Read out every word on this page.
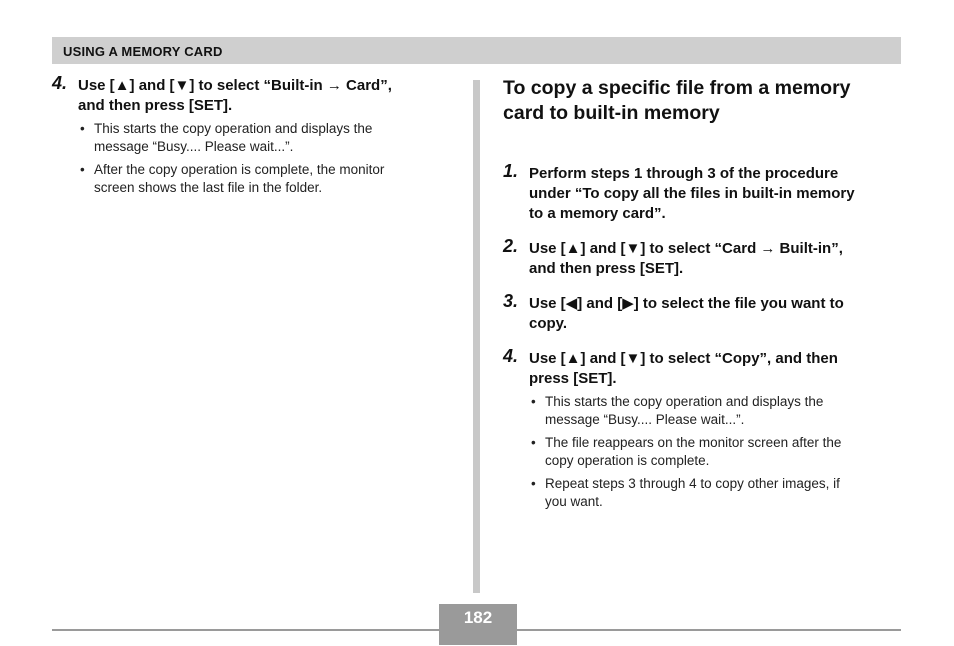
USING A MEMORY CARD
4. Use [▲] and [▼] to select “Built-in → Card”,
and then press [SET].

• This starts the copy operation and displays the
message “Busy.... Please wait...”.
• After the copy operation is complete, the monitor
screen shows the last file in the folder.
To copy a specific file from a memory
card to built-in memory
1. Perform steps 1 through 3 of the procedure
under “To copy all the files in built-in memory
to a memory card”.

2. Use [▲] and [▼] to select “Card → Built-in”,
and then press [SET].

3. Use [◀] and [▶] to select the file you want to
copy.

4. Use [▲] and [▼] to select “Copy”, and then
press [SET].

• This starts the copy operation and displays the
message “Busy.... Please wait...”.
• The file reappears on the monitor screen after the
copy operation is complete.
• Repeat steps 3 through 4 to copy other images, if
you want.
182
